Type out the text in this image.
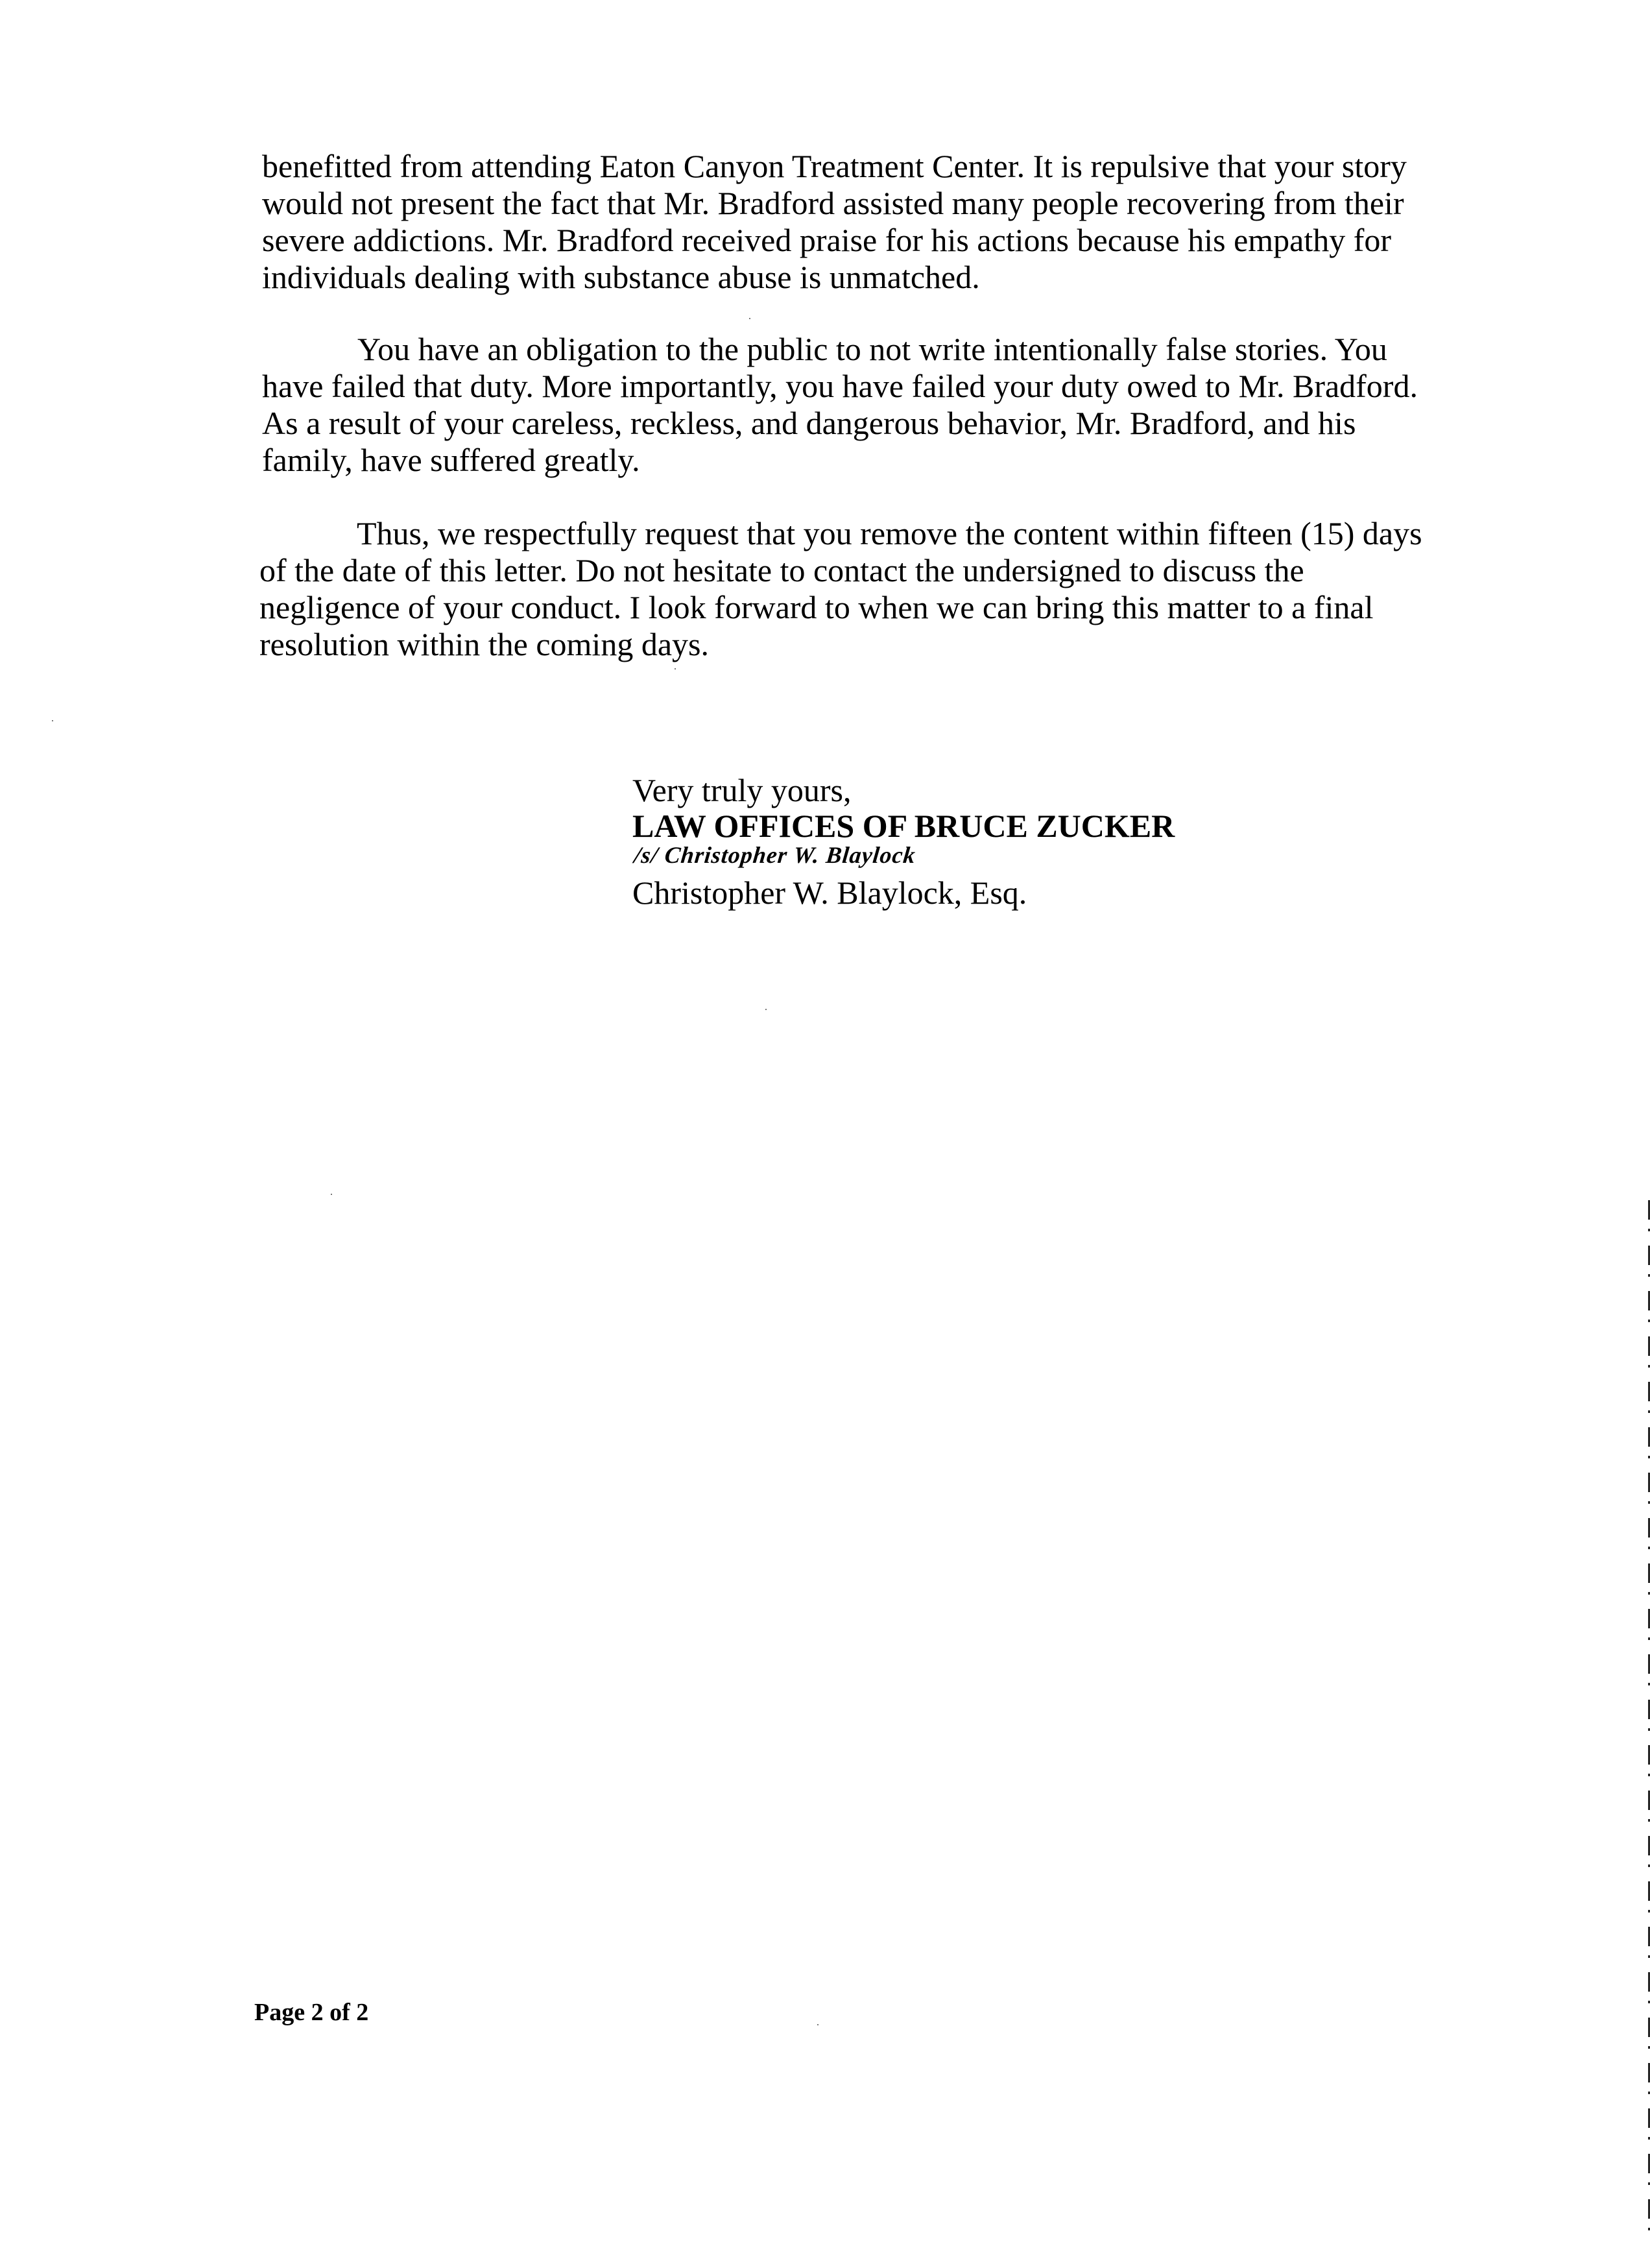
benefitted from attending Eaton Canyon Treatment Center. It is repulsive that your story
would not present the fact that Mr. Bradford assisted many people recovering from their
severe addictions. Mr. Bradford received praise for his actions because his empathy for
individuals dealing with substance abuse is unmatched.
You have an obligation to the public to not write intentionally false stories. You
have failed that duty. More importantly, you have failed your duty owed to Mr. Bradford.
As a result of your careless, reckless, and dangerous behavior, Mr. Bradford, and his
family, have suffered greatly.
Thus, we respectfully request that you remove the content within fifteen (15) days
of the date of this letter. Do not hesitate to contact the undersigned to discuss the
negligence of your conduct. I look forward to when we can bring this matter to a final
resolution within the coming days.
Very truly yours,
LAW OFFICES OF BRUCE ZUCKER
/s/ Christopher W. Blaylock
Christopher W. Blaylock, Esq.
Page 2 of 2
